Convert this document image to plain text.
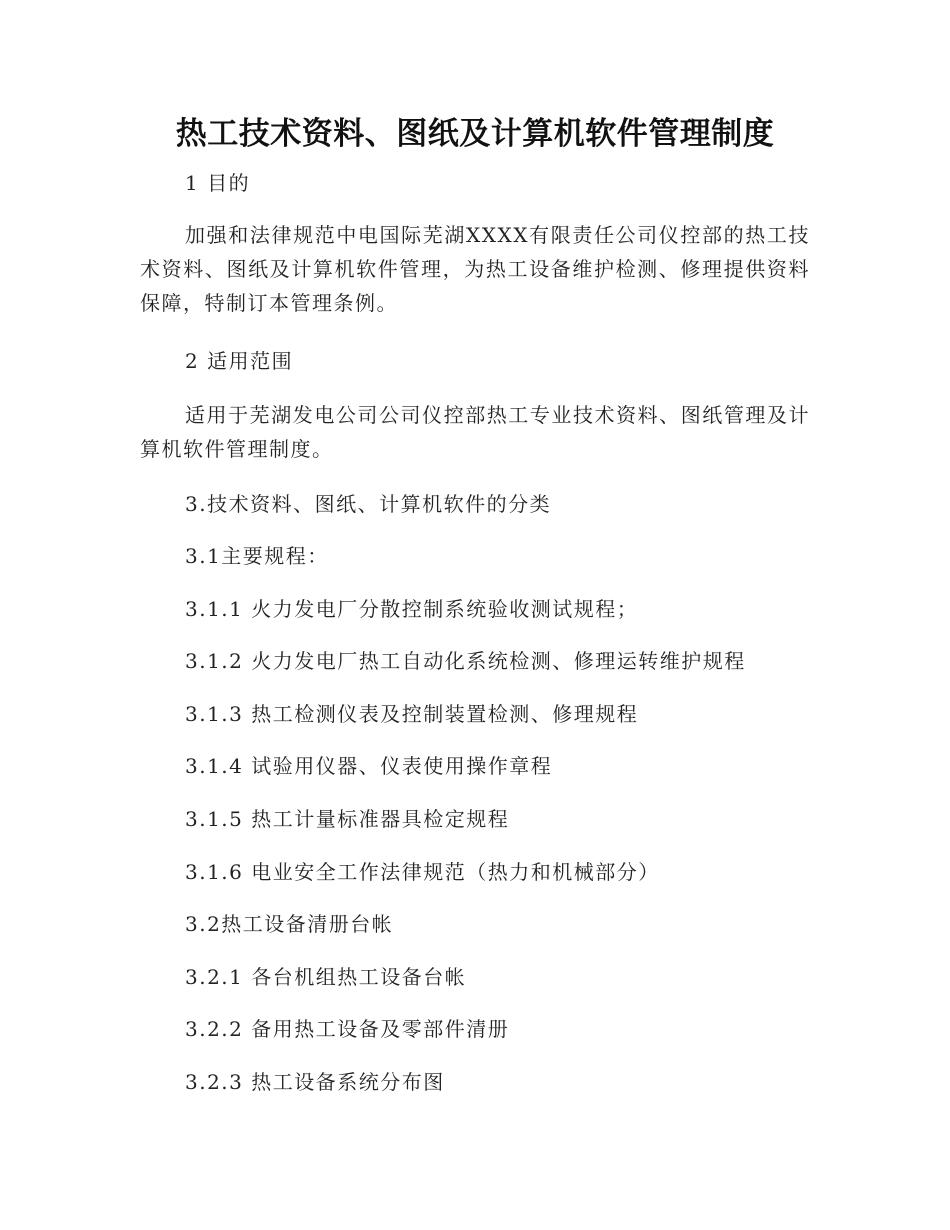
热工技术资料、图纸及计算机软件管理制度

1 目的

加强和法律规范中电国际芜湖XXXX有限责任公司仪控部的热工技术资料、图纸及计算机软件管理，为热工设备维护检测、修理提供资料保障，特制订本管理条例。

2 适用范围

适用于芜湖发电公司公司仪控部热工专业技术资料、图纸管理及计算机软件管理制度。

3.技术资料、图纸、计算机软件的分类

3.1主要规程：

3.1.1 火力发电厂分散控制系统验收测试规程；

3.1.2 火力发电厂热工自动化系统检测、修理运转维护规程

3.1.3 热工检测仪表及控制装置检测、修理规程

3.1.4 试验用仪器、仪表使用操作章程

3.1.5 热工计量标准器具检定规程

3.1.6 电业安全工作法律规范（热力和机械部分）

3.2热工设备清册台帐

3.2.1 各台机组热工设备台帐

3.2.2 备用热工设备及零部件清册

3.2.3 热工设备系统分布图
